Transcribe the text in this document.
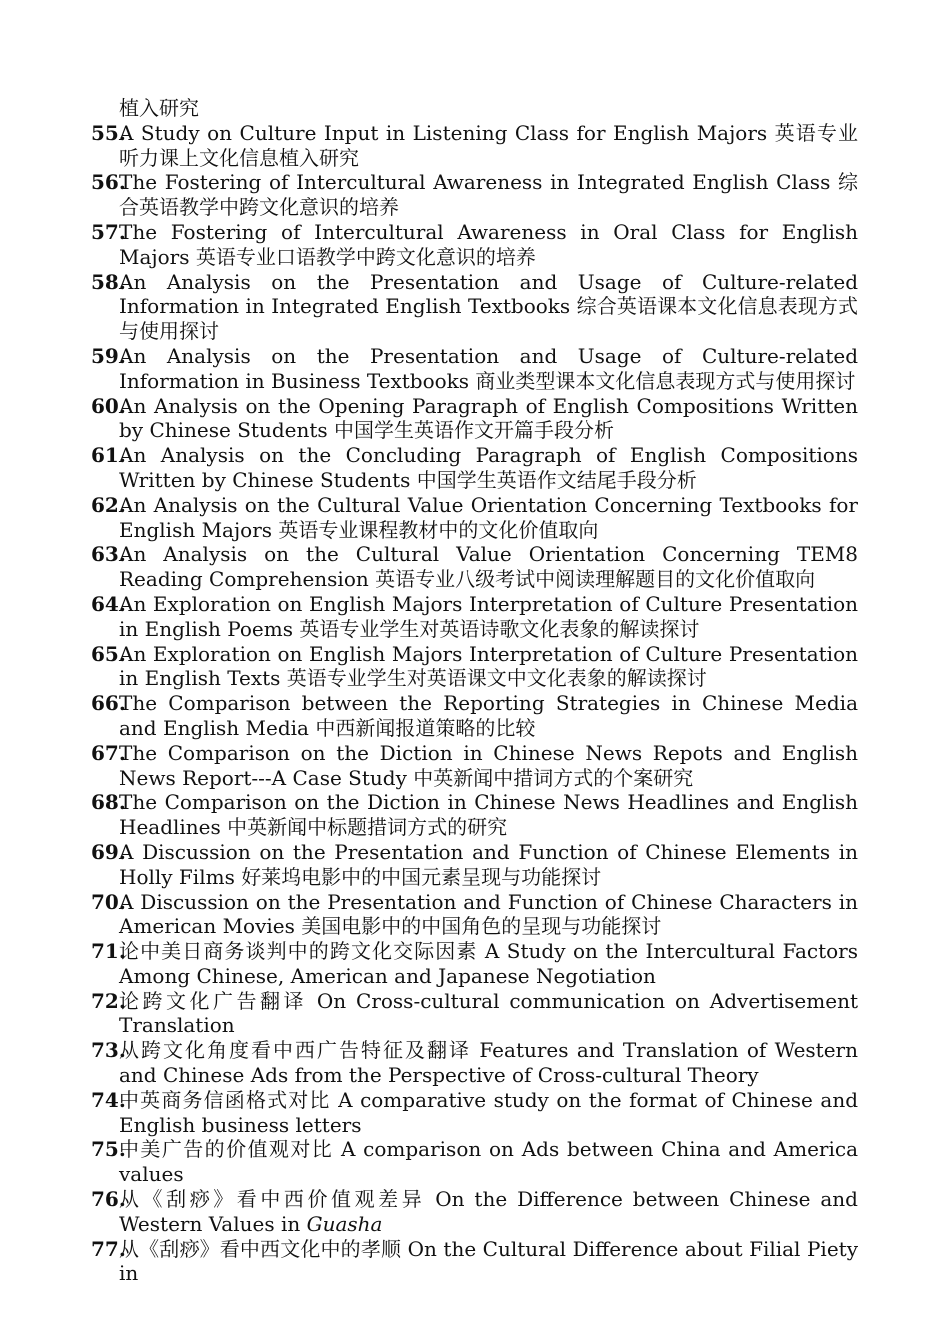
植入研究
55.
A Study on Culture Input in Listening Class for English Majors 英语专业听力课上文化信息植入研究
56.
The Fostering of Intercultural Awareness in Integrated English Class 综合英语教学中跨文化意识的培养
57.
The Fostering of Intercultural Awareness in Oral Class for English Majors 英语专业口语教学中跨文化意识的培养
58.
An Analysis on the Presentation and Usage of Culture-related Information in Integrated English Textbooks 综合英语课本文化信息表现方式与使用探讨
59.
An Analysis on the Presentation and Usage of Culture-related Information in Business Textbooks 商业类型课本文化信息表现方式与使用探讨
60.
An Analysis on the Opening Paragraph of English Compositions Written by Chinese Students 中国学生英语作文开篇手段分析
61.
An Analysis on the Concluding Paragraph of English Compositions Written by Chinese Students 中国学生英语作文结尾手段分析
62.
An Analysis on the Cultural Value Orientation Concerning Textbooks for English Majors 英语专业课程教材中的文化价值取向
63.
An Analysis on the Cultural Value Orientation Concerning TEM8 Reading Comprehension 英语专业八级考试中阅读理解题目的文化价值取向
64.
An Exploration on English Majors Interpretation of Culture Presentation in English Poems 英语专业学生对英语诗歌文化表象的解读探讨
65.
An Exploration on English Majors Interpretation of Culture Presentation in English Texts 英语专业学生对英语课文中文化表象的解读探讨
66.
The Comparison between the Reporting Strategies in Chinese Media and English Media 中西新闻报道策略的比较
67.
The Comparison on the Diction in Chinese News Repots and English News Report---A Case Study 中英新闻中措词方式的个案研究
68.
The Comparison on the Diction in Chinese News Headlines and English Headlines 中英新闻中标题措词方式的研究
69.
A Discussion on the Presentation and Function of Chinese Elements in Holly Films 好莱坞电影中的中国元素呈现与功能探讨
70.
A Discussion on the Presentation and Function of Chinese Characters in American Movies 美国电影中的中国角色的呈现与功能探讨
71.
论中美日商务谈判中的跨文化交际因素 A Study on the Intercultural Factors Among Chinese, American and Japanese Negotiation
72.
论跨文化广告翻译 On Cross-cultural communication on Advertisement Translation
73.
从跨文化角度看中西广告特征及翻译 Features and Translation of Western and Chinese Ads from the Perspective of Cross-cultural Theory
74.
中英商务信函格式对比 A comparative study on the format of Chinese and English business letters
75.
中美广告的价值观对比 A comparison on Ads between China and America values
76.
从《刮痧》看中西价值观差异 On the Difference between Chinese and Western Values in Guasha
77.
从《刮痧》看中西文化中的孝顺 On the Cultural Difference about Filial Piety in
